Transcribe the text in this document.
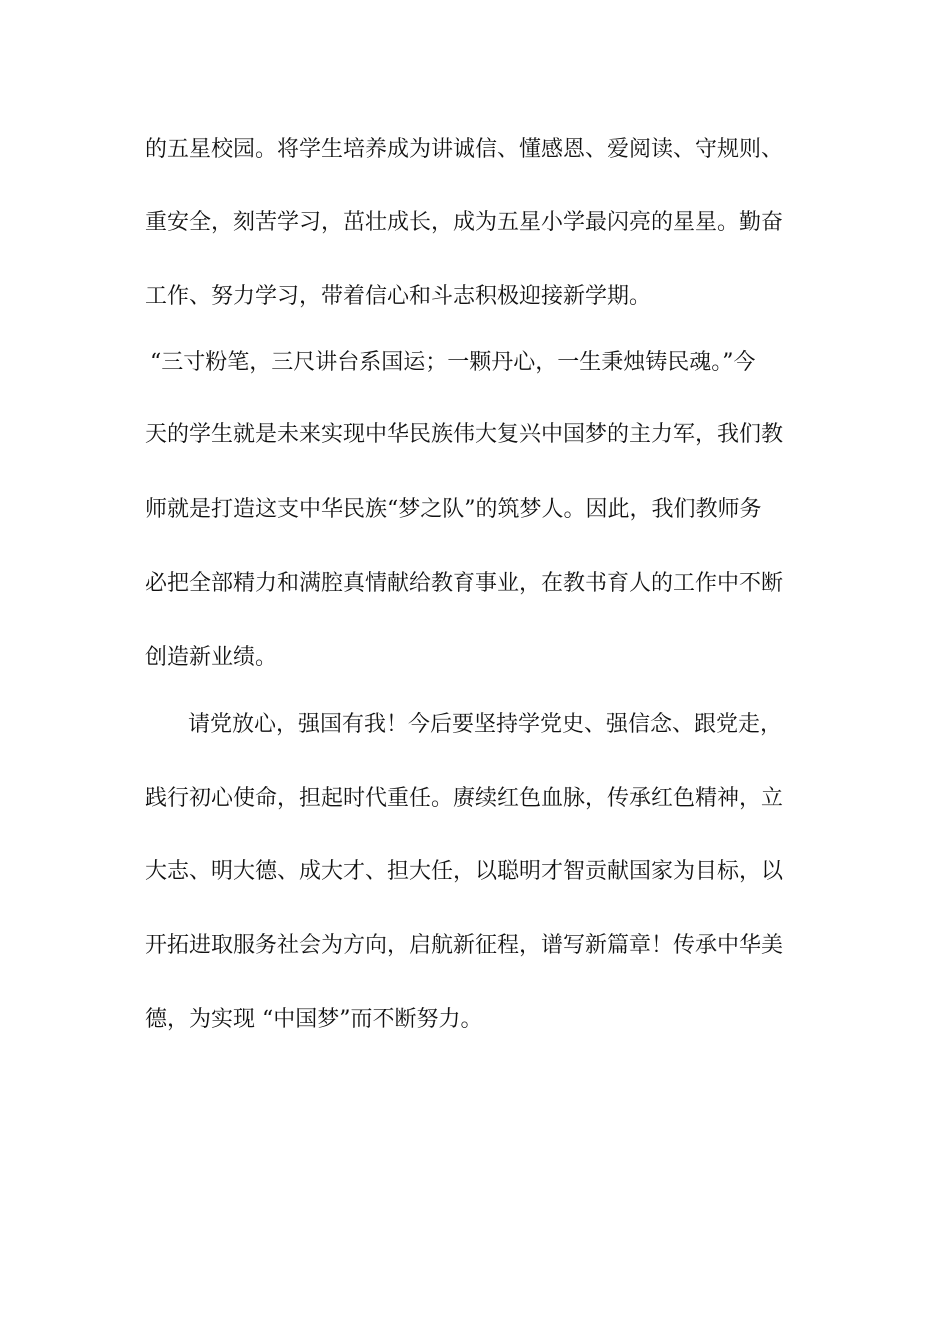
的五星校园。将学生培养成为讲诚信、懂感恩、爱阅读、守规则、
重安全，刻苦学习，茁壮成长，成为五星小学最闪亮的星星。勤奋
工作、努力学习，带着信心和斗志积极迎接新学期。
“三寸粉笔，三尺讲台系国运；一颗丹心，一生秉烛铸民魂。”今
天的学生就是未来实现中华民族伟大复兴中国梦的主力军，我们教
师就是打造这支中华民族“梦之队”的筑梦人。因此，我们教师务
必把全部精力和满腔真情献给教育事业，在教书育人的工作中不断
创造新业绩。
请党放心，强国有我！今后要坚持学党史、强信念、跟党走，
践行初心使命，担起时代重任。赓续红色血脉，传承红色精神，立
大志、明大德、成大才、担大任，以聪明才智贡献国家为目标，以
开拓进取服务社会为方向，启航新征程，谱写新篇章！传承中华美
德，为实现 “中国梦”而不断努力。
